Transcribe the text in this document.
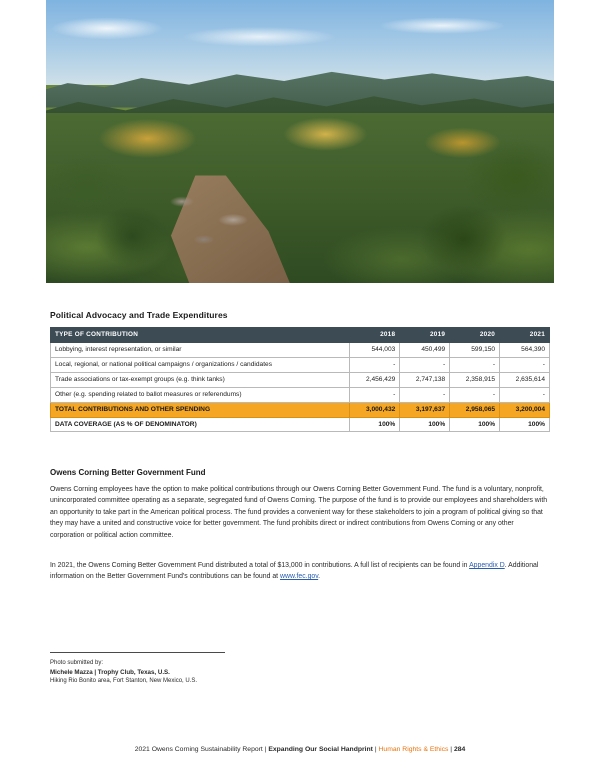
Political Advocacy and Trade Expenditures
TYPE OF CONTRIBUTION	2018	2019	2020	2021
Lobbying, interest representation, or similar	544,003	450,499	599,150	564,390
Local, regional, or national political campaigns / organizations / candidates	-	-	-	-
Trade associations or tax-exempt groups (e.g. think tanks)	2,456,429	2,747,138	2,358,915	2,635,614
Other (e.g. spending related to ballot measures or referendums)	-	-	-	-
TOTAL CONTRIBUTIONS AND OTHER SPENDING	3,000,432	3,197,637	2,958,065	3,200,004
DATA COVERAGE (AS % OF DENOMINATOR)	100%	100%	100%	100%
Owens Corning Better Government Fund

Owens Corning employees have the option to make political contributions through our Owens Corning Better Government Fund. The fund is a voluntary, nonprofit, unincorporated committee operating as a separate, segregated fund of Owens Corning. The purpose of the fund is to provide our employees and shareholders with an opportunity to take part in the American political process. The fund provides a convenient way for these stakeholders to join a program of political giving so that they may have a united and constructive voice for better government. The fund prohibits direct or indirect contributions from Owens Corning or any other corporation or political action committee.

In 2021, the Owens Corning Better Government Fund distributed a total of $13,000 in contributions. A full list of recipients can be found in Appendix D. Additional information on the Better Government Fund's contributions can be found at www.fec.gov.

Photo submitted by:
Michele Mazza | Trophy Club, Texas, U.S.
Hiking Rio Bonito area, Fort Stanton, New Mexico, U.S.
2021 Owens Corning Sustainability Report | Expanding Our Social Handprint | Human Rights & Ethics | 284
